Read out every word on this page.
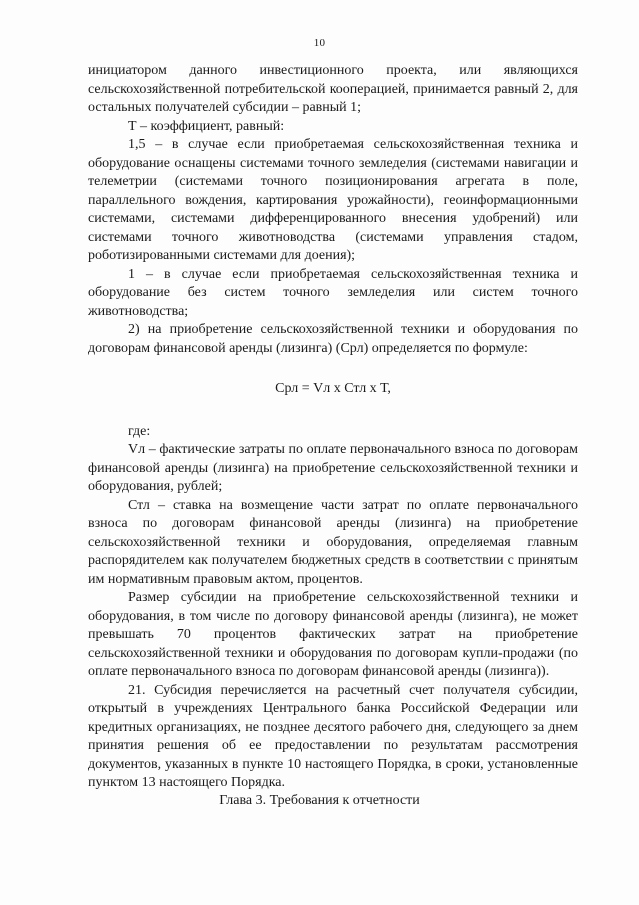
10

инициатором данного инвестиционного проекта, или являющихся сельскохозяйственной потребительской кооперацией, принимается равный 2, для остальных получателей субсидии – равный 1;

Т – коэффициент, равный:

1,5 – в случае если приобретаемая сельскохозяйственная техника и оборудование оснащены системами точного земледелия (системами навигации и телеметрии (системами точного позиционирования агрегата в поле, параллельного вождения, картирования урожайности), геоинформационными системами, системами дифференцированного внесения удобрений) или системами точного животноводства (системами управления стадом, роботизированными системами для доения);

1 – в случае если приобретаемая сельскохозяйственная техника и оборудование без систем точного земледелия или систем точного животноводства;

2) на приобретение сельскохозяйственной техники и оборудования по договорам финансовой аренды (лизинга) (Срл) определяется по формуле:

Срл = Vл x Стл x Т,

где:

Vл – фактические затраты по оплате первоначального взноса по договорам финансовой аренды (лизинга) на приобретение сельскохозяйственной техники и оборудования, рублей;

Стл – ставка на возмещение части затрат по оплате первоначального взноса по договорам финансовой аренды (лизинга) на приобретение сельскохозяйственной техники и оборудования, определяемая главным распорядителем как получателем бюджетных средств в соответствии с принятым им нормативным правовым актом, процентов.

Размер субсидии на приобретение сельскохозяйственной техники и оборудования, в том числе по договору финансовой аренды (лизинга), не может превышать 70 процентов фактических затрат на приобретение сельскохозяйственной техники и оборудования по договорам купли-продажи (по оплате первоначального взноса по договорам финансовой аренды (лизинга)).

21. Субсидия перечисляется на расчетный счет получателя субсидии, открытый в учреждениях Центрального банка Российской Федерации или кредитных организациях, не позднее десятого рабочего дня, следующего за днем принятия решения об ее предоставлении по результатам рассмотрения документов, указанных в пункте 10 настоящего Порядка, в сроки, установленные пунктом 13 настоящего Порядка.

Глава 3. Требования к отчетности
